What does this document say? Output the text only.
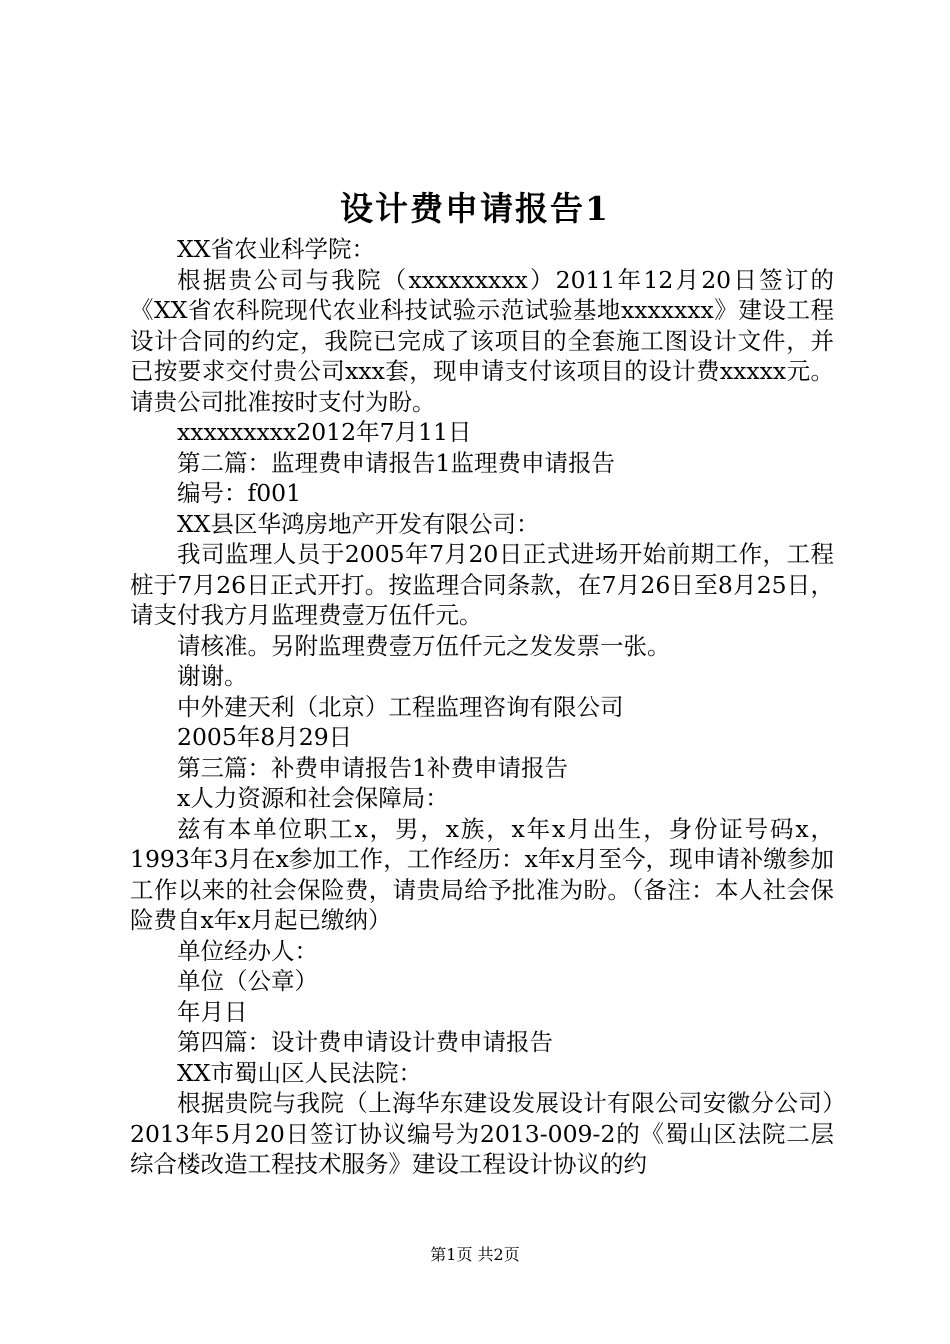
设计费申请报告1

XX省农业科学院：

根据贵公司与我院（xxxxxxxxx）2011年12月20日签订的《XX省农科院现代农业科技试验示范试验基地xxxxxxx》建设工程设计合同的约定，我院已完成了该项目的全套施工图设计文件，并已按要求交付贵公司xxx套，现申请支付该项目的设计费xxxxx元。请贵公司批准按时支付为盼。

xxxxxxxxx2012年7月11日

第二篇：监理费申请报告1监理费申请报告

编号：f001

XX县区华鸿房地产开发有限公司：

我司监理人员于2005年7月20日正式进场开始前期工作，工程桩于7月26日正式开打。按监理合同条款，在7月26日至8月25日，请支付我方月监理费壹万伍仟元。

请核准。另附监理费壹万伍仟元之发发票一张。

谢谢。

中外建天利（北京）工程监理咨询有限公司

2005年8月29日

第三篇：补费申请报告1补费申请报告

x人力资源和社会保障局：

兹有本单位职工x，男，x族，x年x月出生，身份证号码x，1993年3月在x参加工作，工作经历：x年x月至今，现申请补缴参加工作以来的社会保险费，请贵局给予批准为盼。（备注：本人社会保险费自x年x月起已缴纳）

单位经办人：

单位（公章）

年月日

第四篇：设计费申请设计费申请报告

XX市蜀山区人民法院：

根据贵院与我院（上海华东建设发展设计有限公司安徽分公司）2013年5月20日签订协议编号为2013-009-2的《蜀山区法院二层综合楼改造工程技术服务》建设工程设计协议的约

第1页 共2页
